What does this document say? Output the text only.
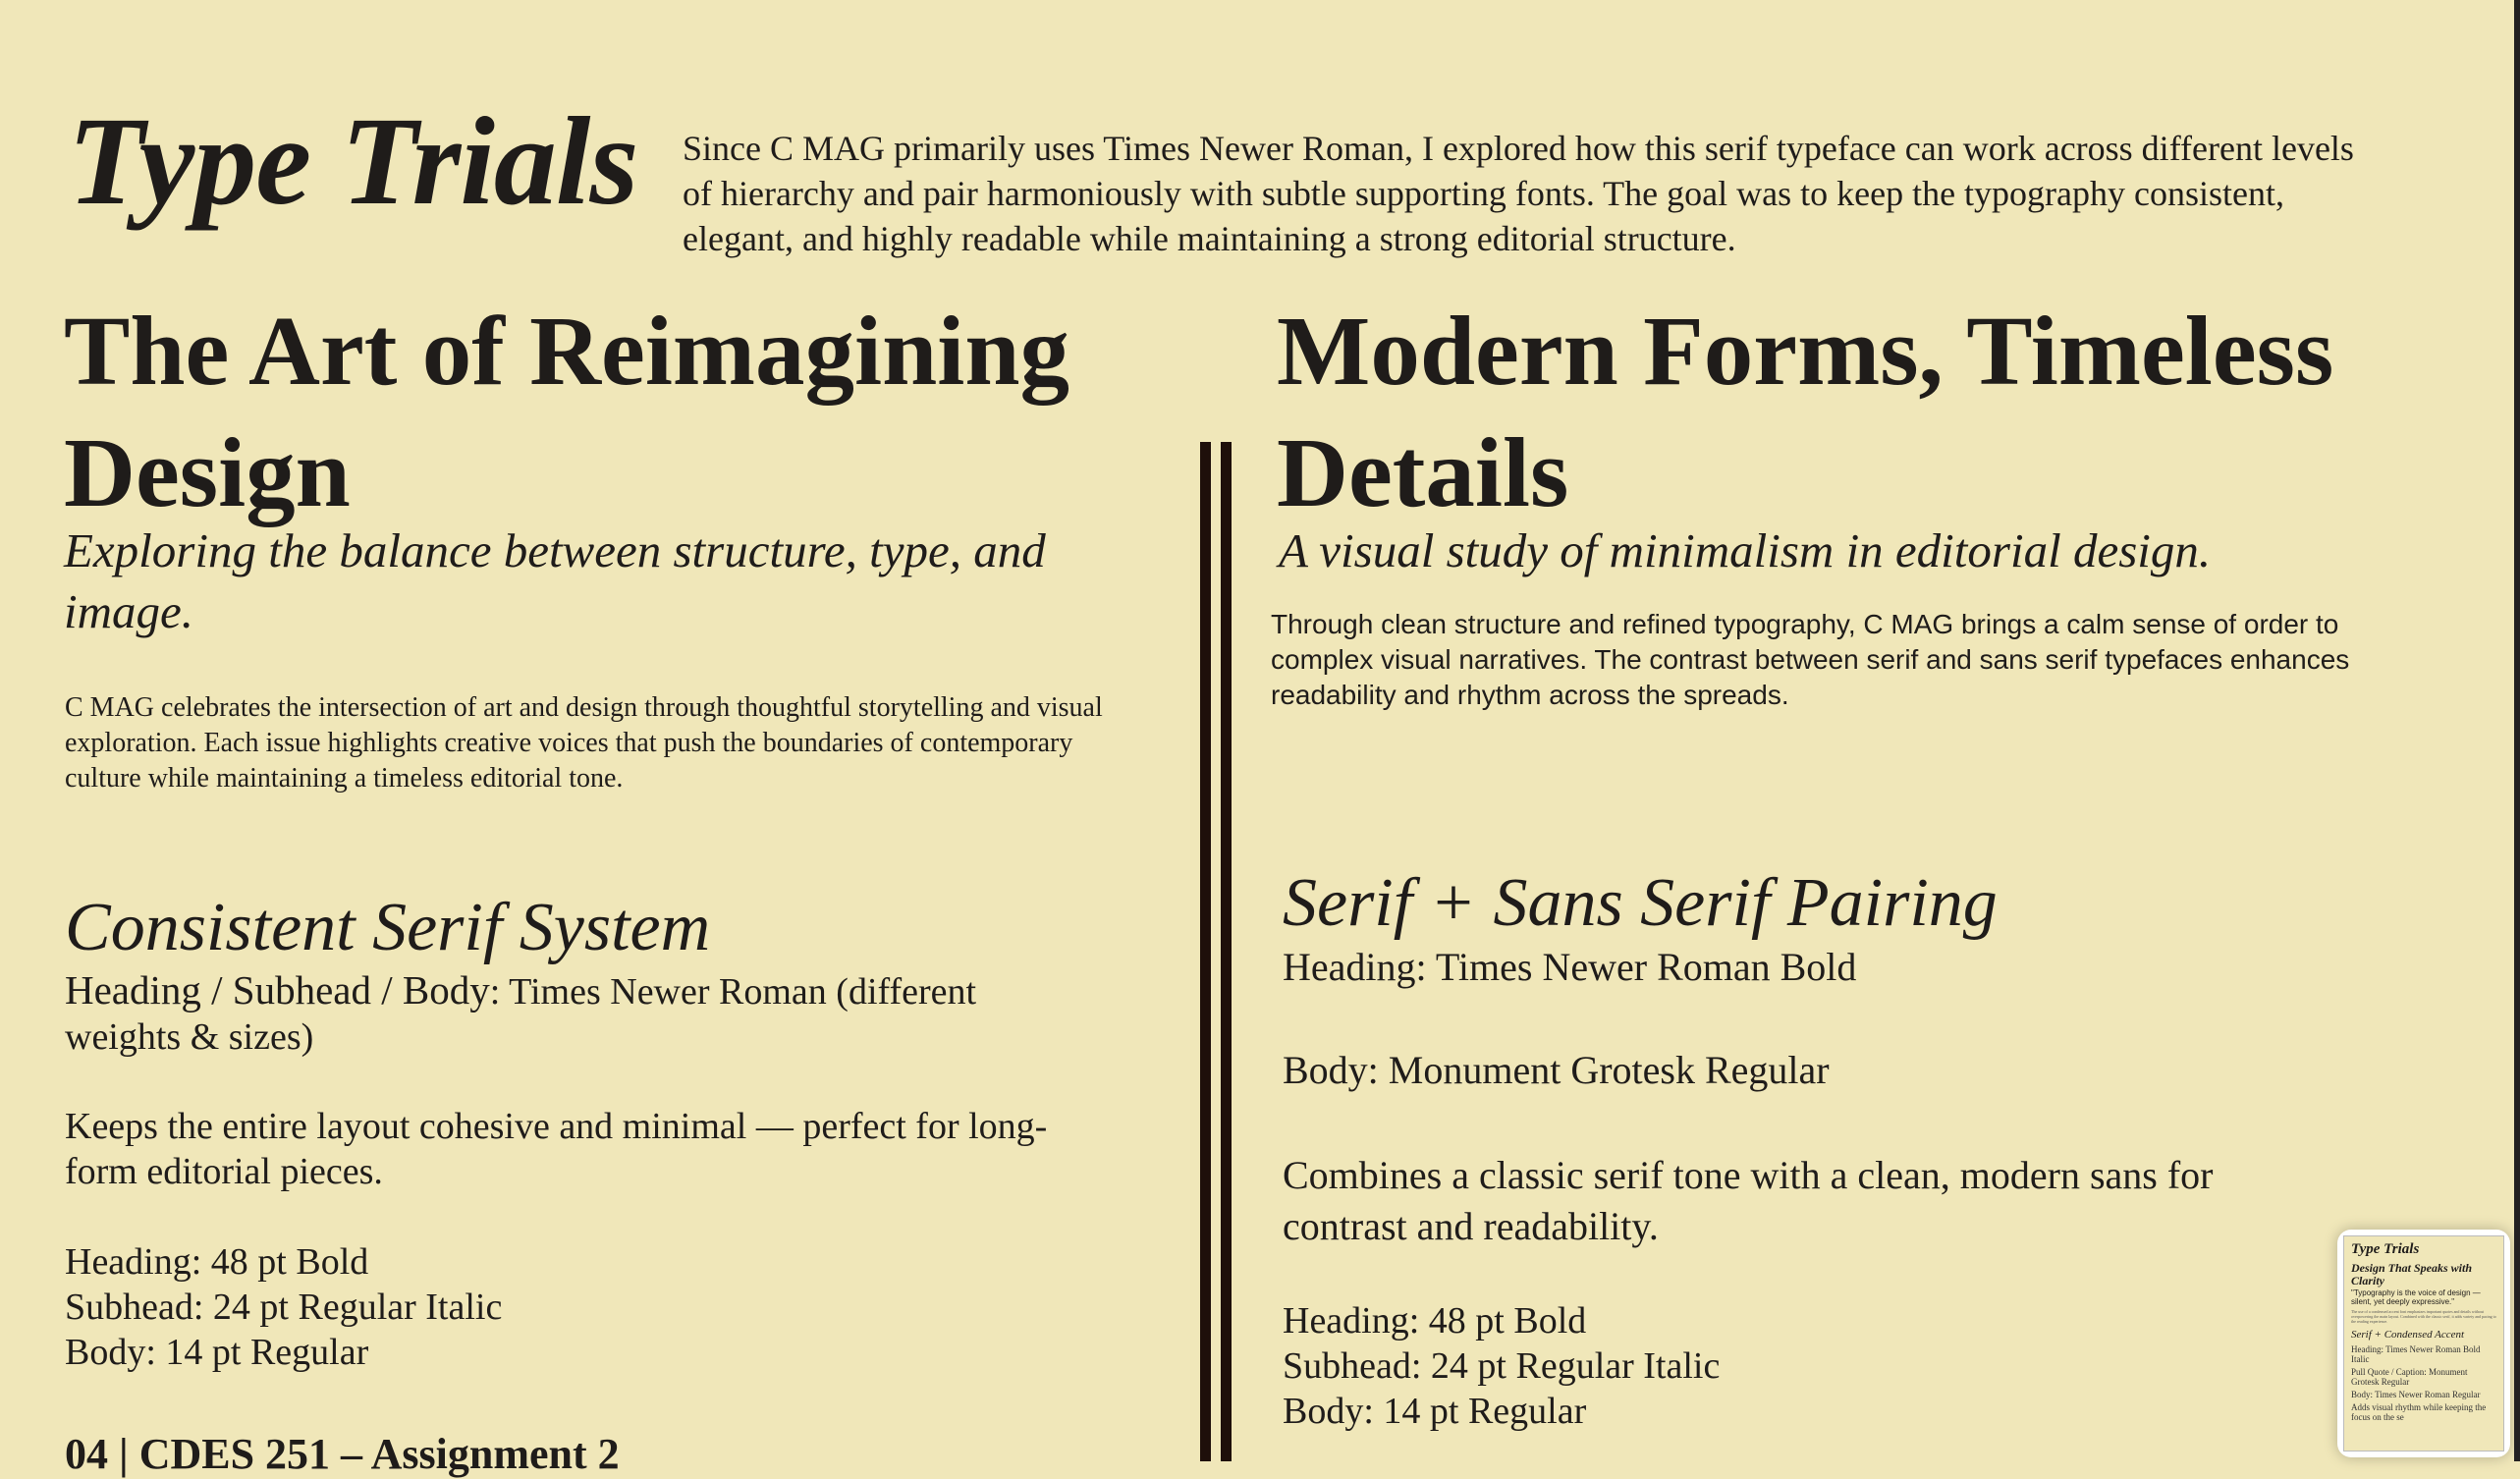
Type Trials Since C MAG primarily uses Times Newer Roman, I explored how this serif typeface can work across different levels of hierarchy and pair harmoniously with subtle supporting fonts. The goal was to keep the typography consistent, elegant, and highly readable while maintaining a strong editorial structure.

The Art of Reimagining Design
Exploring the balance between structure, type, and image.

C MAG celebrates the intersection of art and design through thoughtful storytelling and visual exploration. Each issue highlights creative voices that push the boundaries of contemporary culture while maintaining a timeless editorial tone.

Consistent Serif System
Heading / Subhead / Body: Times Newer Roman (different weights & sizes)
Keeps the entire layout cohesive and minimal — perfect for long-form editorial pieces.
Heading: 48 pt Bold
Subhead: 24 pt Regular Italic
Body: 14 pt Regular
04 | CDES 251 – Assignment 2
Modern Forms, Timeless Details
A visual study of minimalism in editorial design.

Through clean structure and refined typography, C MAG brings a calm sense of order to complex visual narratives. The contrast between serif and sans serif typefaces enhances readability and rhythm across the spreads.

Serif + Sans Serif Pairing
Heading: Times Newer Roman Bold
Body: Monument Grotesk Regular
Combines a classic serif tone with a clean, modern sans for contrast and readability.
Heading: 48 pt Bold
Subhead: 24 pt Regular Italic
Body: 14 pt Regular
Type Trials
Design That Speaks with Clarity
"Typography is the voice of design — silent, yet deeply expressive."
The use of a condensed accent font emphasizes important quotes and details without overpowering the main layout. Combined with the classic serif, it adds variety and pacing to the reading experience.
Serif + Condensed Accent
Heading: Times Newer Roman Bold Italic
Pull Quote / Caption: Monument Grotesk Regular
Body: Times Newer Roman Regular
Adds visual rhythm while keeping the focus on the se
